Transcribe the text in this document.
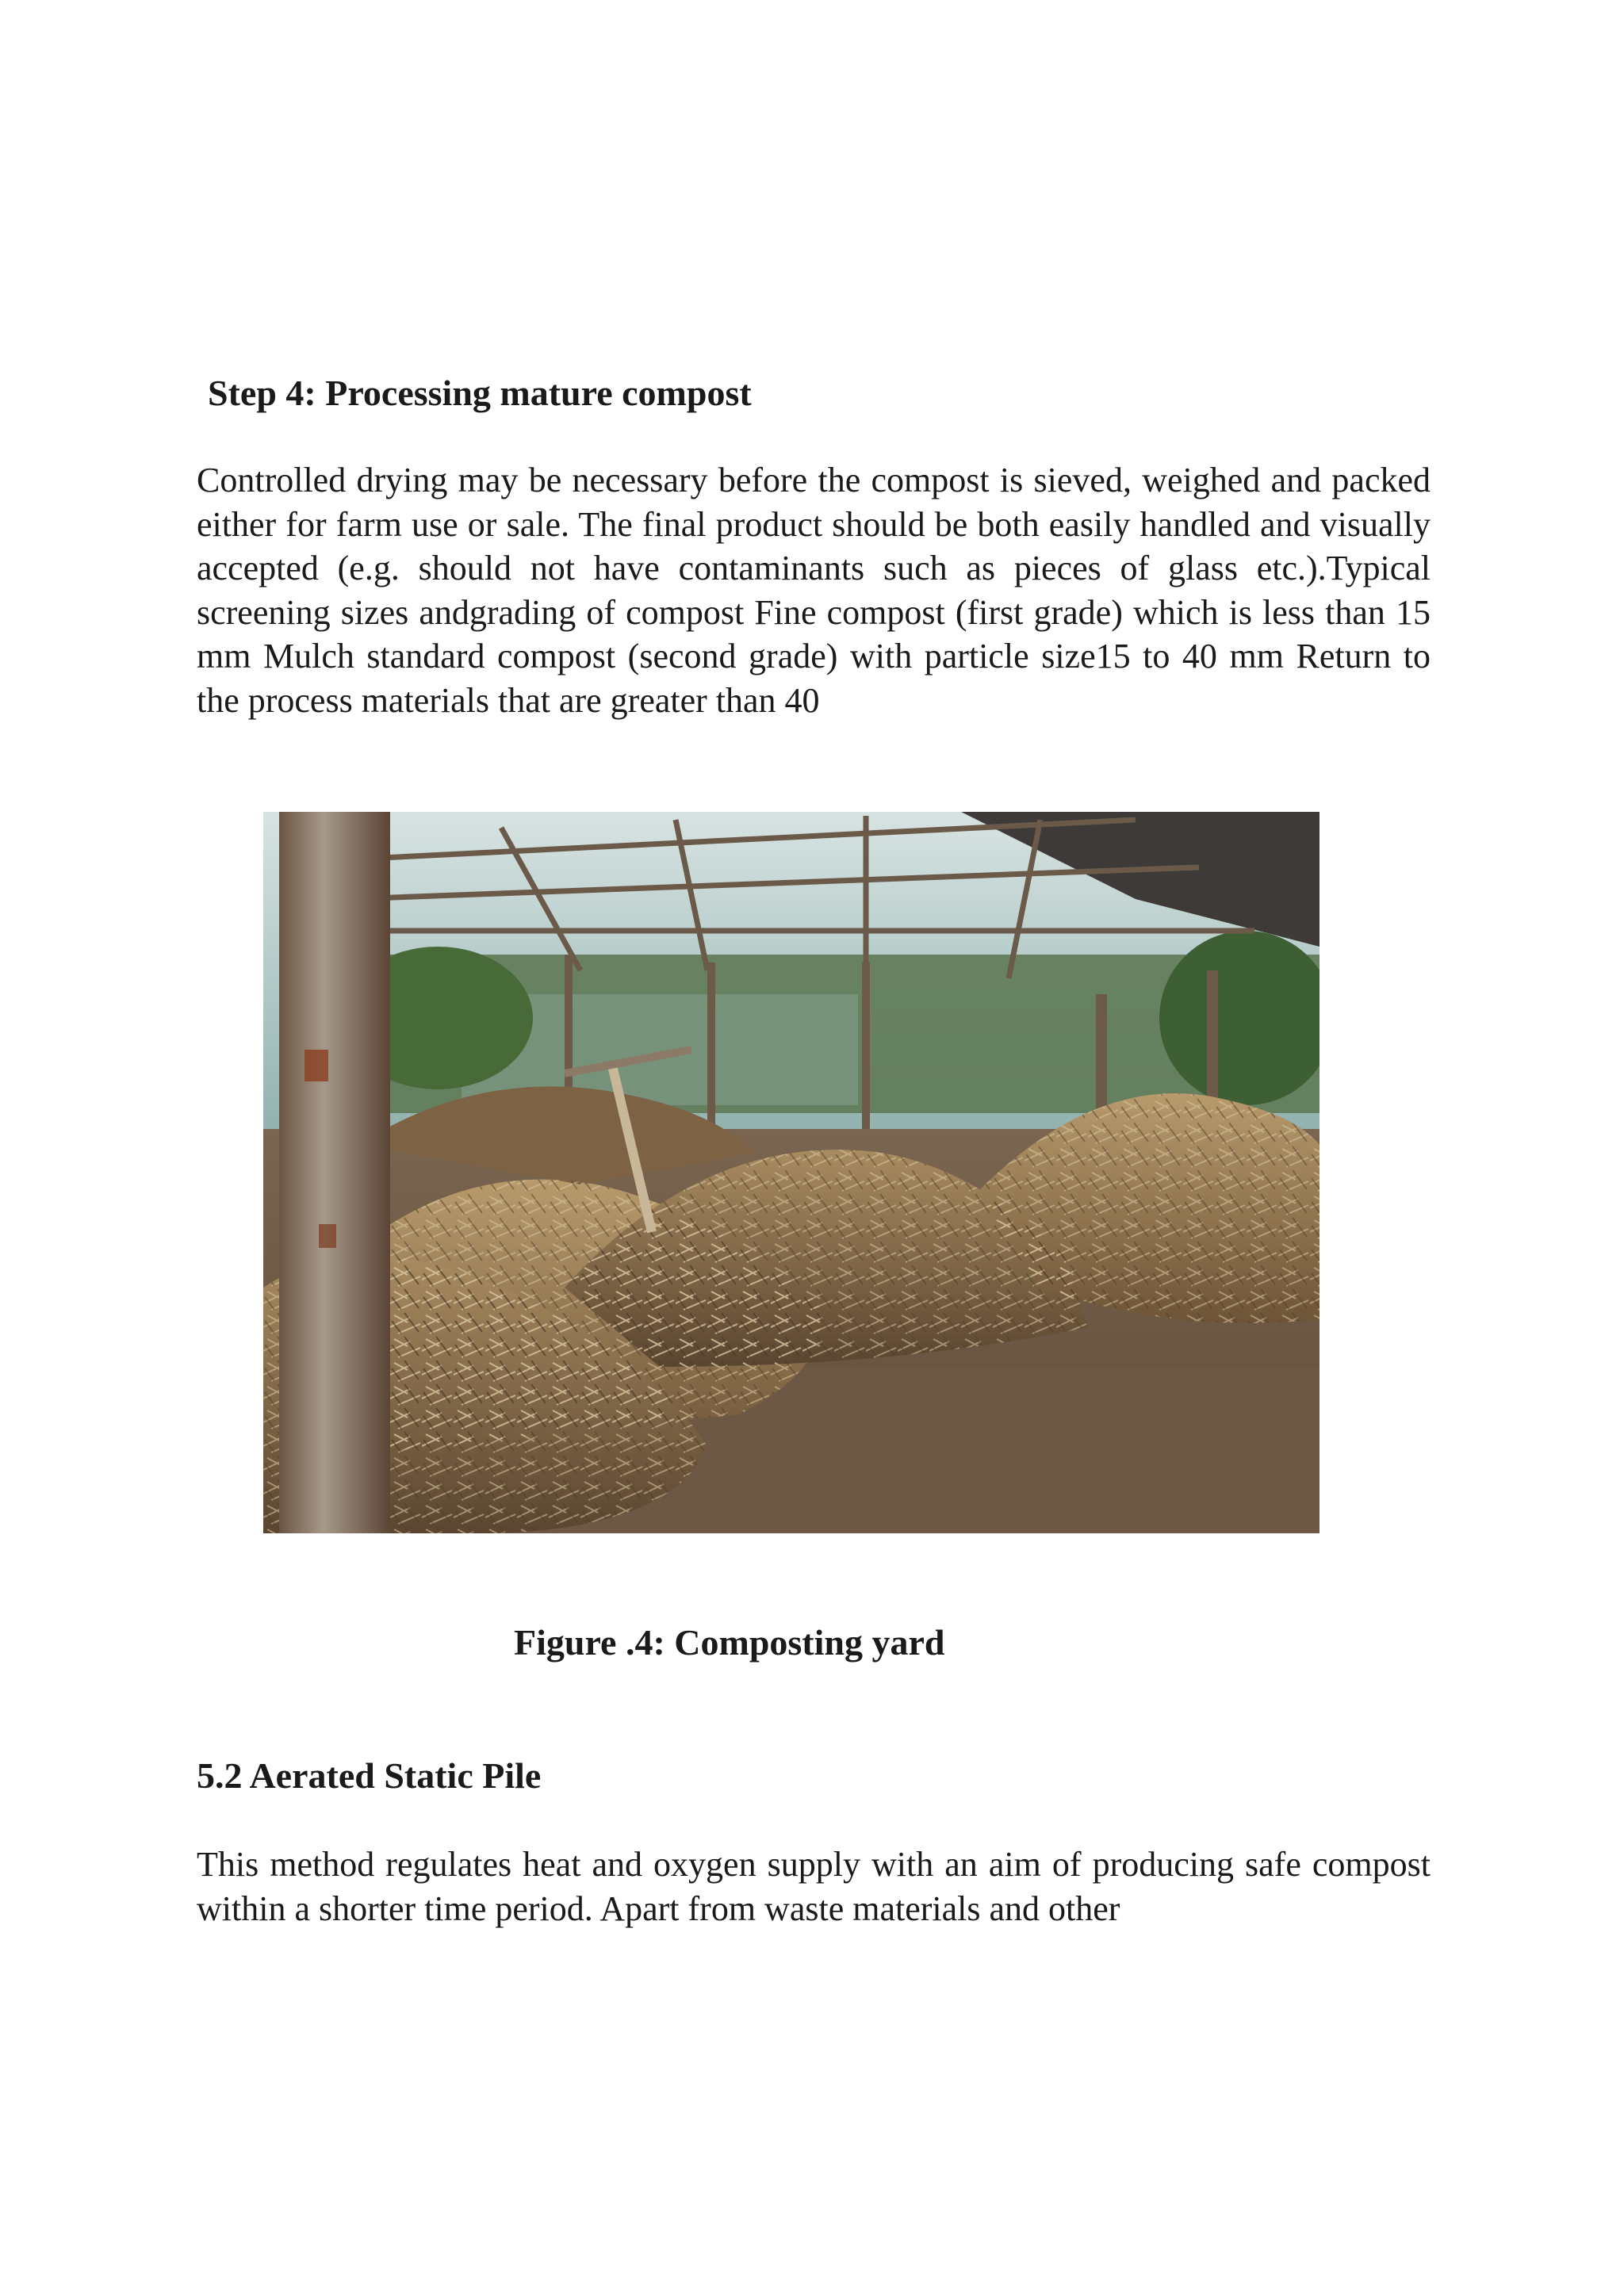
Step 4: Processing mature compost
Controlled drying may be necessary before the compost is sieved, weighed and packed either for farm use or sale. The final product should be both easily handled and visually accepted (e.g. should not have contaminants such as pieces of glass etc.).Typical screening sizes andgrading of compost Fine compost (first grade) which is less than 15 mm Mulch standard compost (second grade) with particle size15 to 40 mm Return to the process materials that are greater than 40
Figure .4: Composting yard
5.2 Aerated Static Pile
This method regulates heat and oxygen supply with an aim of producing safe compost within a shorter time period. Apart from waste materials and other
